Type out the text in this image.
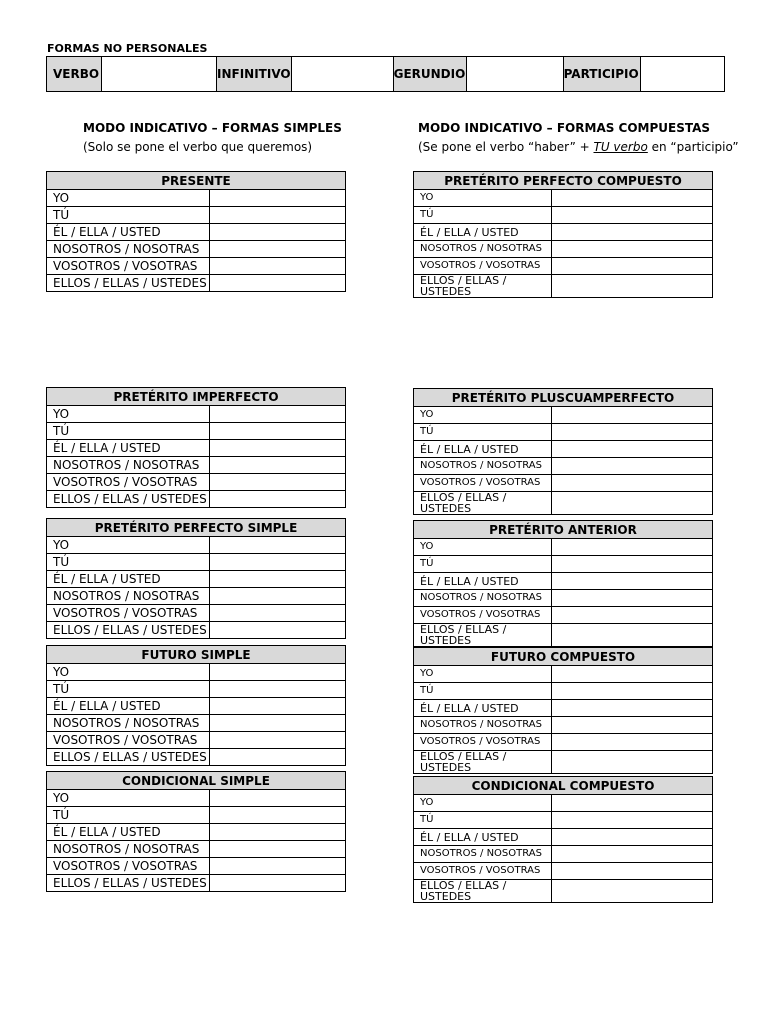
FORMAS NO PERSONALES
VERBO		INFINITIVO		GERUNDIO		PARTICIPIO	
MODO INDICATIVO – FORMAS SIMPLES
(Solo se pone el verbo que queremos)
MODO INDICATIVO – FORMAS COMPUESTAS
(Se pone el verbo “haber” + TU verbo en “participio”
PRESENTE	
YO	
TÚ	
ÉL / ELLA / USTED	
NOSOTROS / NOSOTRAS	
VOSOTROS / VOSOTRAS	
ELLOS / ELLAS / USTEDES	
PRETÉRITO IMPERFECTO	
YO	
TÚ	
ÉL / ELLA / USTED	
NOSOTROS / NOSOTRAS	
VOSOTROS / VOSOTRAS	
ELLOS / ELLAS / USTEDES	
PRETÉRITO PERFECTO SIMPLE	
YO	
TÚ	
ÉL / ELLA / USTED	
NOSOTROS / NOSOTRAS	
VOSOTROS / VOSOTRAS	
ELLOS / ELLAS / USTEDES	
FUTURO SIMPLE	
YO	
TÚ	
ÉL / ELLA / USTED	
NOSOTROS / NOSOTRAS	
VOSOTROS / VOSOTRAS	
ELLOS / ELLAS / USTEDES	
CONDICIONAL SIMPLE	
YO	
TÚ	
ÉL / ELLA / USTED	
NOSOTROS / NOSOTRAS	
VOSOTROS / VOSOTRAS	
ELLOS / ELLAS / USTEDES	
PRETÉRITO PERFECTO COMPUESTO	
YO	
TÚ	
ÉL / ELLA / USTED	
NOSOTROS / NOSOTRAS	
VOSOTROS / VOSOTRAS	
ELLOS / ELLAS / USTEDES	
PRETÉRITO PLUSCUAMPERFECTO	
YO	
TÚ	
ÉL / ELLA / USTED	
NOSOTROS / NOSOTRAS	
VOSOTROS / VOSOTRAS	
ELLOS / ELLAS / USTEDES	
PRETÉRITO ANTERIOR	
YO	
TÚ	
ÉL / ELLA / USTED	
NOSOTROS / NOSOTRAS	
VOSOTROS / VOSOTRAS	
ELLOS / ELLAS / USTEDES	
FUTURO COMPUESTO	
YO	
TÚ	
ÉL / ELLA / USTED	
NOSOTROS / NOSOTRAS	
VOSOTROS / VOSOTRAS	
ELLOS / ELLAS / USTEDES	
CONDICIONAL COMPUESTO	
YO	
TÚ	
ÉL / ELLA / USTED	
NOSOTROS / NOSOTRAS	
VOSOTROS / VOSOTRAS	
ELLOS / ELLAS / USTEDES	
